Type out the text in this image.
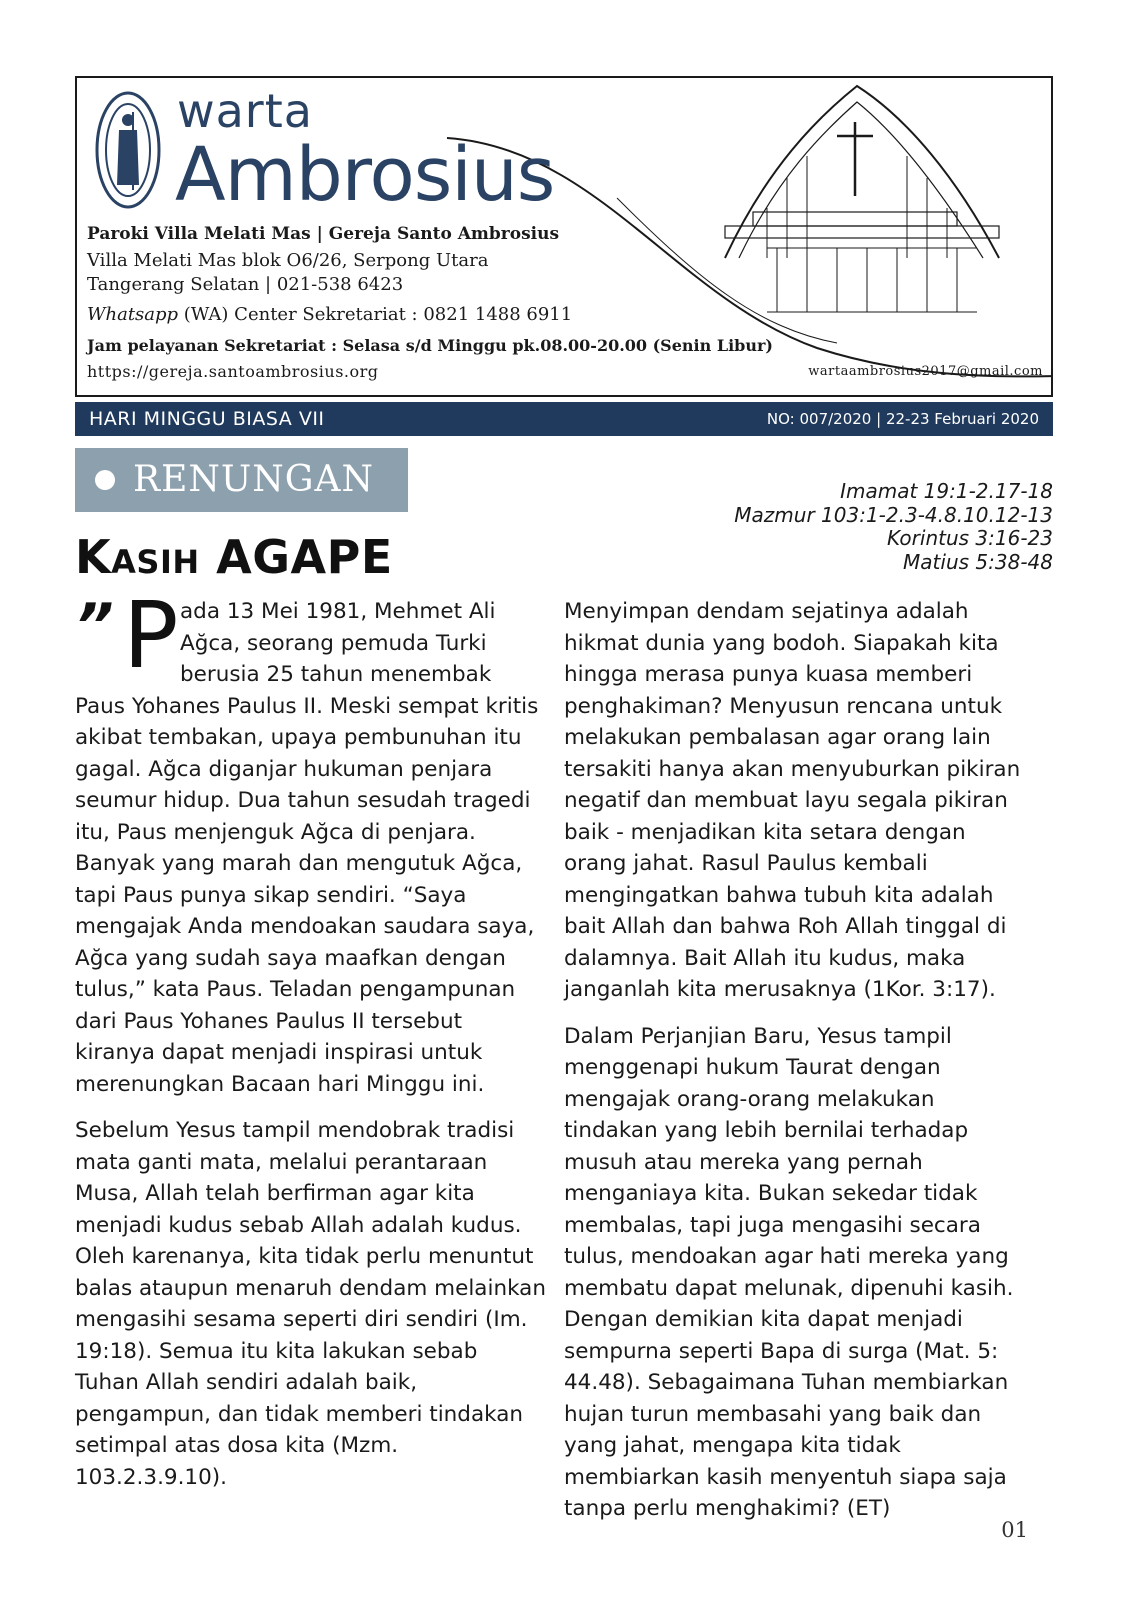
warta
Ambrosius
Paroki Villa Melati Mas | Gereja Santo Ambrosius
Villa Melati Mas blok O6/26, Serpong Utara
Tangerang Selatan | 021-538 6423
Whatsapp (WA) Center Sekretariat : 0821 1488 6911
Jam pelayanan Sekretariat : Selasa s/d Minggu pk.08.00-20.00 (Senin Libur)
https://gereja.santoambrosius.org	wartaambrosius2017@gmail.com
HARI MINGGU BIASA VII	NO: 007/2020 | 22-23 Februari 2020
RENUNGAN	Imamat 19:1-2.17-18
Mazmur 103:1-2.3-4.8.10.12-13
Korintus 3:16-23
Matius 5:38-48
Kasih AGAPE
” P ada 13 Mei 1981, Mehmet Ali
Ağca, seorang pemuda Turki
berusia 25 tahun menembak

Paus Yohanes Paulus II. Meski sempat kritis akibat tembakan, upaya pembunuhan itu gagal. Ağca diganjar hukuman penjara seumur hidup. Dua tahun sesudah tragedi itu, Paus menjenguk Ağca di penjara. Banyak yang marah dan mengutuk Ağca, tapi Paus punya sikap sendiri. “Saya mengajak Anda mendoakan saudara saya, Ağca yang sudah saya maafkan dengan tulus,” kata Paus. Teladan pengampunan dari Paus Yohanes Paulus II tersebut kiranya dapat menjadi inspirasi untuk merenungkan Bacaan hari Minggu ini.

Sebelum Yesus tampil mendobrak tradisi mata ganti mata, melalui perantaraan Musa, Allah telah berfirman agar kita menjadi kudus sebab Allah adalah kudus. Oleh karenanya, kita tidak perlu menuntut balas ataupun menaruh dendam melainkan mengasihi sesama seperti diri sendiri (Im. 19:18). Semua itu kita lakukan sebab Tuhan Allah sendiri adalah baik, pengampun, dan tidak memberi tindakan setimpal atas dosa kita (Mzm. 103.2.3.9.10).

Menyimpan dendam sejatinya adalah hikmat dunia yang bodoh. Siapakah kita hingga merasa punya kuasa memberi penghakiman? Menyusun rencana untuk melakukan pembalasan agar orang lain tersakiti hanya akan menyuburkan pikiran negatif dan membuat layu segala pikiran baik - menjadikan kita setara dengan orang jahat. Rasul Paulus kembali mengingatkan bahwa tubuh kita adalah bait Allah dan bahwa Roh Allah tinggal di dalamnya. Bait Allah itu kudus, maka janganlah kita merusaknya (1Kor. 3:17).

Dalam Perjanjian Baru, Yesus tampil menggenapi hukum Taurat dengan mengajak orang-orang melakukan tindakan yang lebih bernilai terhadap musuh atau mereka yang pernah menganiaya kita. Bukan sekedar tidak membalas, tapi juga mengasihi secara tulus, mendoakan agar hati mereka yang membatu dapat melunak, dipenuhi kasih. Dengan demikian kita dapat menjadi sempurna seperti Bapa di surga (Mat. 5: 44.48). Sebagaimana Tuhan membiarkan hujan turun membasahi yang baik dan yang jahat, mengapa kita tidak membiarkan kasih menyentuh siapa saja tanpa perlu menghakimi? (ET)

01
